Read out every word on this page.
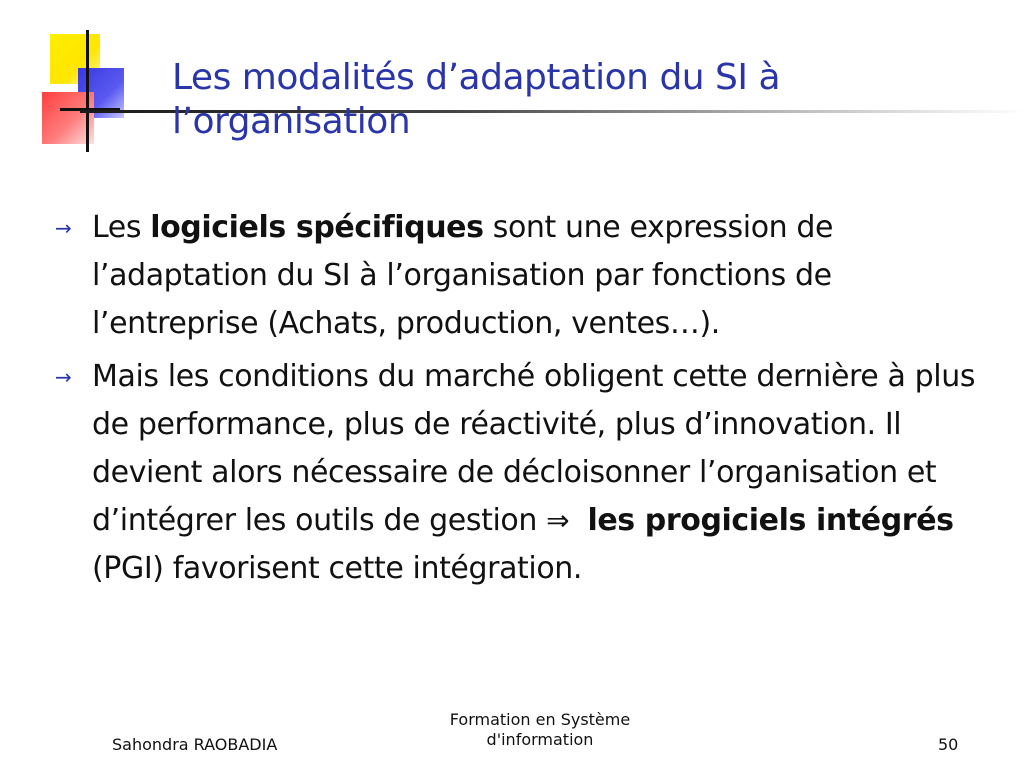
Les modalités d’adaptation du SI à
l’organisation
→ Les logiciels spécifiques sont une expression de l’adaptation du SI à l’organisation par fonctions de l’entreprise (Achats, production, ventes…).
→ Mais les conditions du marché obligent cette dernière à plus de performance, plus de réactivité, plus d’innovation. Il devient alors nécessaire de décloisonner l’organisation et d’intégrer les outils de gestion ⇒ les progiciels intégrés (PGI) favorisent cette intégration.
Sahondra RAOBADIA
Formation en Système
d'information	50
